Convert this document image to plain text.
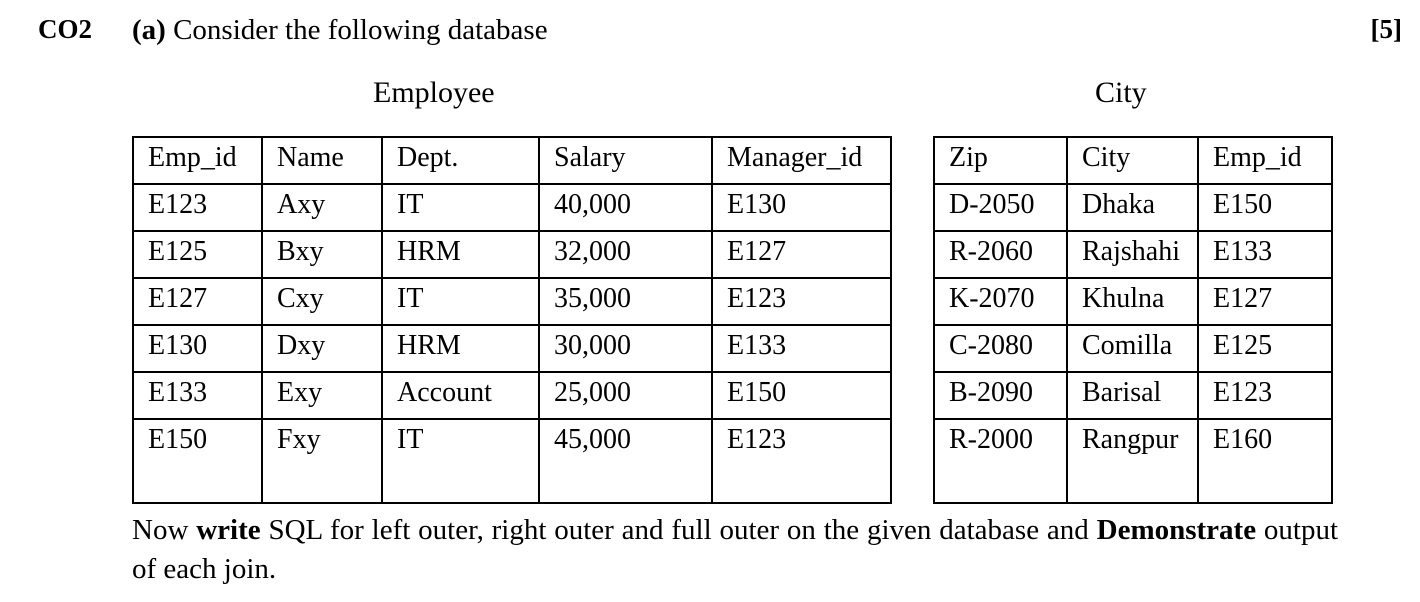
CO2 (a) Consider the following database	[5]
Employee	City
Emp_id	Name	Dept.	Salary	Manager_id
E123	Axy	IT	40,000	E130
E125	Bxy	HRM	32,000	E127
E127	Cxy	IT	35,000	E123
E130	Dxy	HRM	30,000	E133
E133	Exy	Account	25,000	E150
E150	Fxy	IT	45,000	E123
Zip	City	Emp_id
D-2050	Dhaka	E150
R-2060	Rajshahi	E133
K-2070	Khulna	E127
C-2080	Comilla	E125
B-2090	Barisal	E123
R-2000	Rangpur	E160
Now write SQL for left outer, right outer and full outer on the given database and Demonstrate output of each join.
